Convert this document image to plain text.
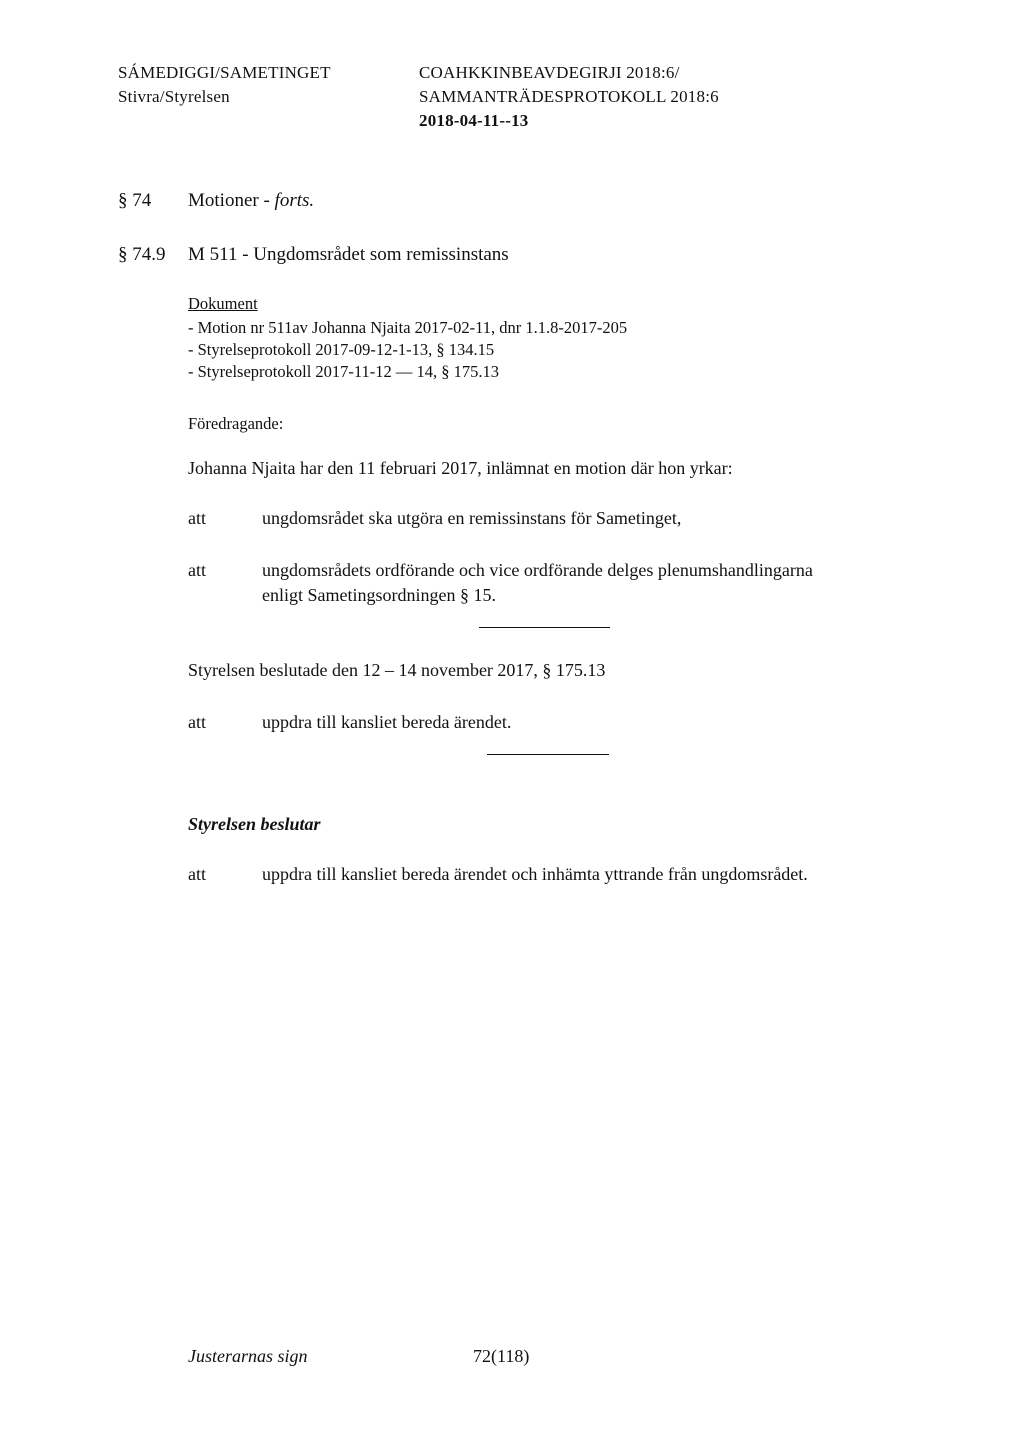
SÁMEDIGGI/SAMETINGET
Stivra/Styrelsen
COAHKKINBEAVDEGIRJI 2018:6/
SAMMANTRÄDESPROTOKOLL 2018:6
2018-04-11--13
§ 74 Motioner - forts.
§ 74.9 M 511 - Ungdomsrådet som remissinstans
Dokument
- Motion nr 511av Johanna Njaita 2017-02-11, dnr 1.1.8-2017-205
- Styrelseprotokoll 2017-09-12-1-13, § 134.15
- Styrelseprotokoll 2017-11-12 — 14, § 175.13
Föredragande:
Johanna Njaita har den 11 februari 2017, inlämnat en motion där hon yrkar:
att	ungdomsrådet ska utgöra en remissinstans för Sametinget,
att	ungdomsrådets ordförande och vice ordförande delges plenumshandlingarna
enligt Sametingsordningen § 15.
Styrelsen beslutade den 12 – 14 november 2017, § 175.13
att	uppdra till kansliet bereda ärendet.
Styrelsen beslutar
att	uppdra till kansliet bereda ärendet och inhämta yttrande från ungdomsrådet.
Justerarnas sign	72(118)
